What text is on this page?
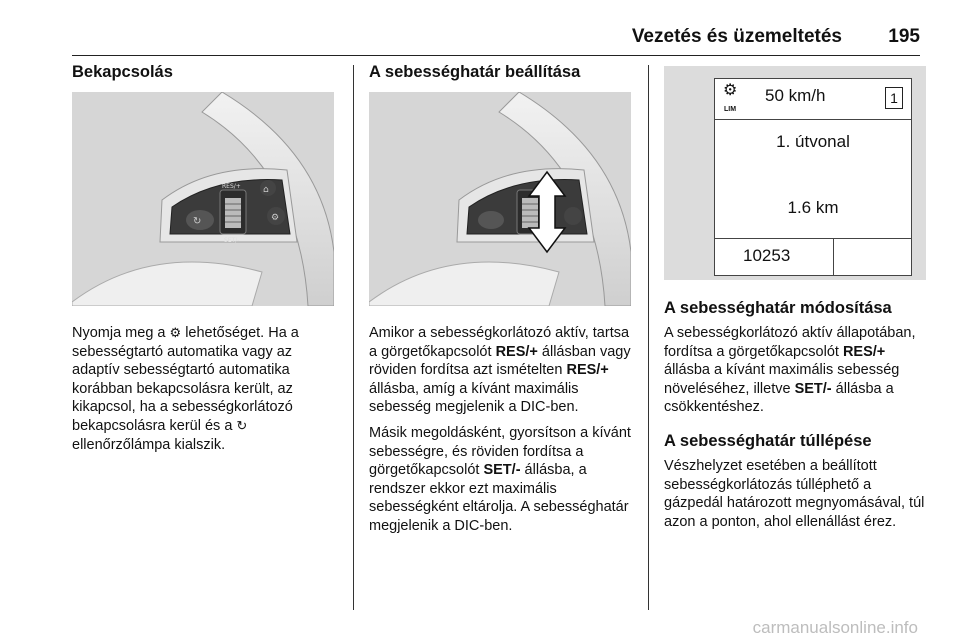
Vezetés és üzemeltetés 195
Bekapcsolás
↻
RES/+
SET/-
⌂
⚙

Nyomja meg a ⚙ lehetőséget. Ha a sebességtartó automatika vagy az adaptív sebességtartó automatika korábban bekapcsolásra került, az kikapcsol, ha a sebességkorlátozó bekapcsolásra kerül és a ↻ ellenőrzőlámpa kialszik.

A sebességhatár beállítása

Amikor a sebességkorlátozó aktív, tartsa a görgetőkapcsolót RES/+ állásban vagy röviden fordítsa azt ismételten RES/+ állásba, amíg a kívánt maximális sebesség megjelenik a DIC-ben.

Másik megoldásként, gyorsítson a kívánt sebességre, és röviden fordítsa a görgetőkapcsolót SET/- állásba, a rendszer ekkor ezt maximális sebességként eltárolja. A sebességhatár megjelenik a DIC-ben.

⚙
LIM
50 km/h	1
1. útvonal
1.6 km
10253
A sebességhatár módosítása

A sebességkorlátozó aktív állapotában, fordítsa a görgetőkapcsolót RES/+ állásba a kívánt maximális sebesség növeléséhez, illetve SET/- állásba a csökkentéshez.

A sebességhatár túllépése

Vészhelyzet esetében a beállított sebességkorlátozás túlléphető a gázpedál határozott megnyomásával, túl azon a ponton, ahol ellenállást érez.

carmanualsonline.info
